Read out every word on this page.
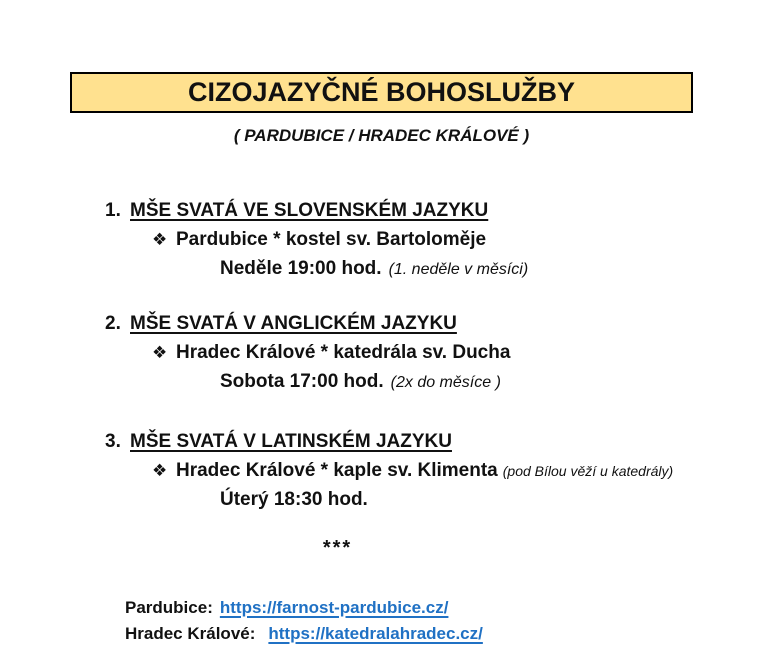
CIZOJAZYČNÉ BOHOSLUŽBY
( PARDUBICE / HRADEC KRÁLOVÉ )
1. MŠE SVATÁ VE SLOVENSKÉM JAZYKU
❖ Pardubice * kostel sv. Bartoloměje
Neděle 19:00 hod. (1. neděle v měsíci)
2. MŠE SVATÁ V ANGLICKÉM JAZYKU
❖ Hradec Králové * katedrála sv. Ducha
Sobota 17:00 hod. (2x do měsíce )
3. MŠE SVATÁ V LATINSKÉM JAZYKU
❖ Hradec Králové * kaple sv. Klimenta (pod Bílou věží u katedrály)
Úterý 18:30 hod.
***
Pardubice: https://farnost-pardubice.cz/
Hradec Králové: https://katedralahradec.cz/
